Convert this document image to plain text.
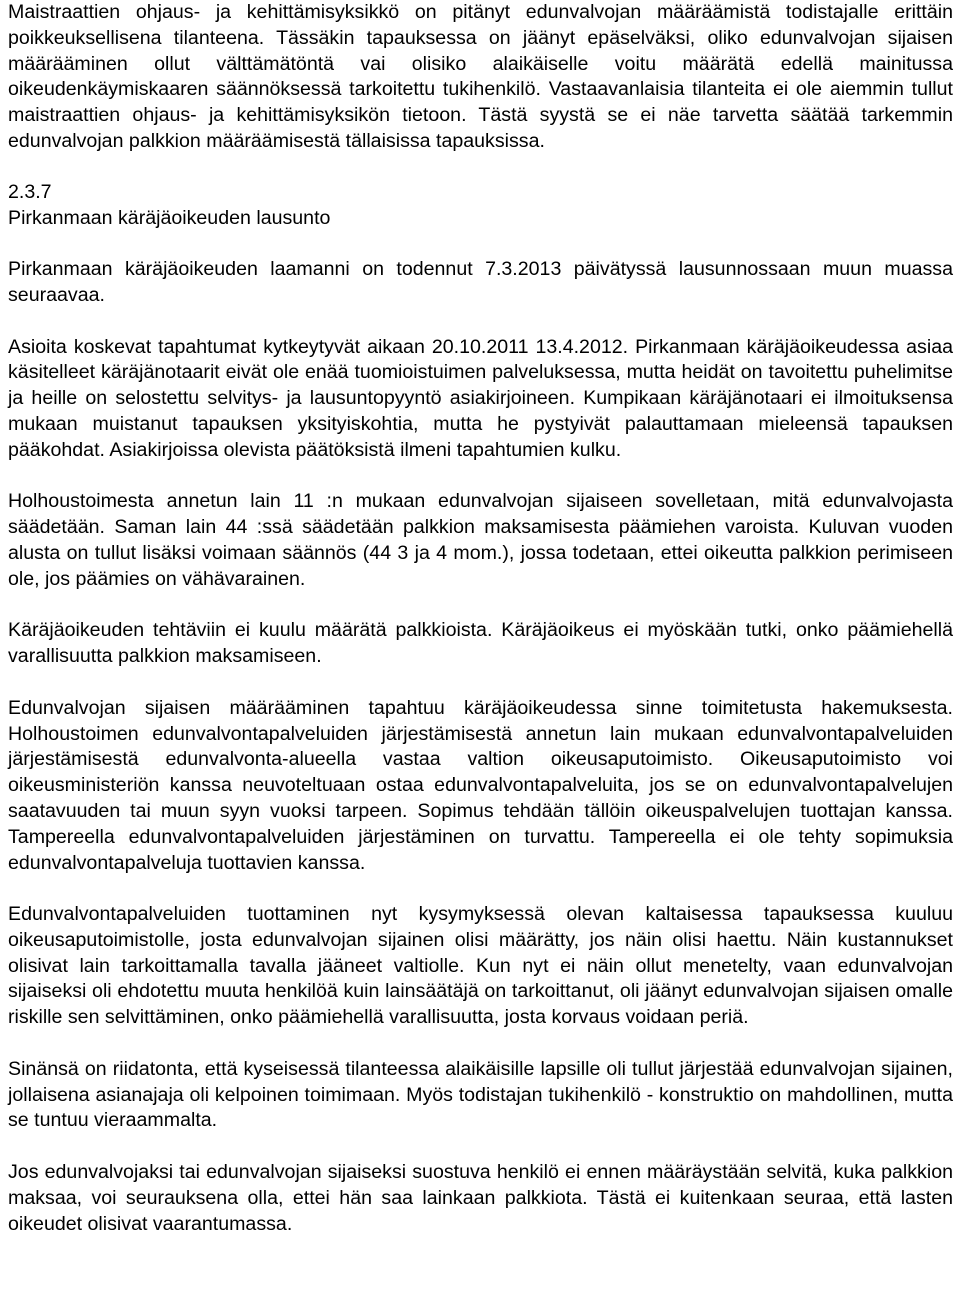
Maistraattien ohjaus- ja kehittämisyksikkö on pitänyt edunvalvojan määräämistä todistajalle erittäin poikkeuksellisena tilanteena. Tässäkin tapauksessa on jäänyt epäselväksi, oliko edunvalvojan sijaisen määrääminen ollut välttämätöntä vai olisiko alaikäiselle voitu määrätä edellä mainitussa oikeudenkäymiskaaren säännöksessä tarkoitettu tukihenkilö. Vastaavanlaisia tilanteita ei ole aiemmin tullut maistraattien ohjaus- ja kehittämisyksikön tietoon. Tästä syystä se ei näe tarvetta säätää tarkemmin edunvalvojan palkkion määräämisestä tällaisissa tapauksissa.

2.3.7

Pirkanmaan käräjäoikeuden lausunto

Pirkanmaan käräjäoikeuden laamanni on todennut 7.3.2013 päivätyssä lausunnossaan muun muassa seuraavaa.

Asioita koskevat tapahtumat kytkeytyvät aikaan 20.10.2011 13.4.2012. Pirkanmaan käräjäoikeudessa asiaa käsitelleet käräjänotaarit eivät ole enää tuomioistuimen palveluksessa, mutta heidät on tavoitettu puhelimitse ja heille on selostettu selvitys- ja lausuntopyyntö asiakirjoineen. Kumpikaan käräjänotaari ei ilmoituksensa mukaan muistanut tapauksen yksityiskohtia, mutta he pystyivät palauttamaan mieleensä tapauksen pääkohdat. Asiakirjoissa olevista päätöksistä ilmeni tapahtumien kulku.

Holhoustoimesta annetun lain 11 :n mukaan edunvalvojan sijaiseen sovelletaan, mitä edunvalvojasta säädetään. Saman lain 44 :ssä säädetään palkkion maksamisesta päämiehen varoista. Kuluvan vuoden alusta on tullut lisäksi voimaan säännös (44 3 ja 4 mom.), jossa todetaan, ettei oikeutta palkkion perimiseen ole, jos päämies on vähävarainen.

Käräjäoikeuden tehtäviin ei kuulu määrätä palkkioista. Käräjäoikeus ei myöskään tutki, onko päämiehellä varallisuutta palkkion maksamiseen.

Edunvalvojan sijaisen määrääminen tapahtuu käräjäoikeudessa sinne toimitetusta hakemuksesta. Holhoustoimen edunvalvontapalveluiden järjestämisestä annetun lain mukaan edunvalvontapalveluiden järjestämisestä edunvalvonta-alueella vastaa valtion oikeusaputoimisto. Oikeusaputoimisto voi oikeusministeriön kanssa neuvoteltuaan ostaa edunvalvontapalveluita, jos se on edunvalvontapalvelujen saatavuuden tai muun syyn vuoksi tarpeen. Sopimus tehdään tällöin oikeuspalvelujen tuottajan kanssa. Tampereella edunvalvontapalveluiden järjestäminen on turvattu. Tampereella ei ole tehty sopimuksia edunvalvontapalveluja tuottavien kanssa.

Edunvalvontapalveluiden tuottaminen nyt kysymyksessä olevan kaltaisessa tapauksessa kuuluu oikeusaputoimistolle, josta edunvalvojan sijainen olisi määrätty, jos näin olisi haettu. Näin kustannukset olisivat lain tarkoittamalla tavalla jääneet valtiolle. Kun nyt ei näin ollut menetelty, vaan edunvalvojan sijaiseksi oli ehdotettu muuta henkilöä kuin lainsäätäjä on tarkoittanut, oli jäänyt edunvalvojan sijaisen omalle riskille sen selvittäminen, onko päämiehellä varallisuutta, josta korvaus voidaan periä.

Sinänsä on riidatonta, että kyseisessä tilanteessa alaikäisille lapsille oli tullut järjestää edunvalvojan sijainen, jollaisena asianajaja oli kelpoinen toimimaan. Myös todistajan tukihenkilö - konstruktio on mahdollinen, mutta se tuntuu vieraammalta.

Jos edunvalvojaksi tai edunvalvojan sijaiseksi suostuva henkilö ei ennen määräystään selvitä, kuka palkkion maksaa, voi seurauksena olla, ettei hän saa lainkaan palkkiota. Tästä ei kuitenkaan seuraa, että lasten oikeudet olisivat vaarantumassa.
